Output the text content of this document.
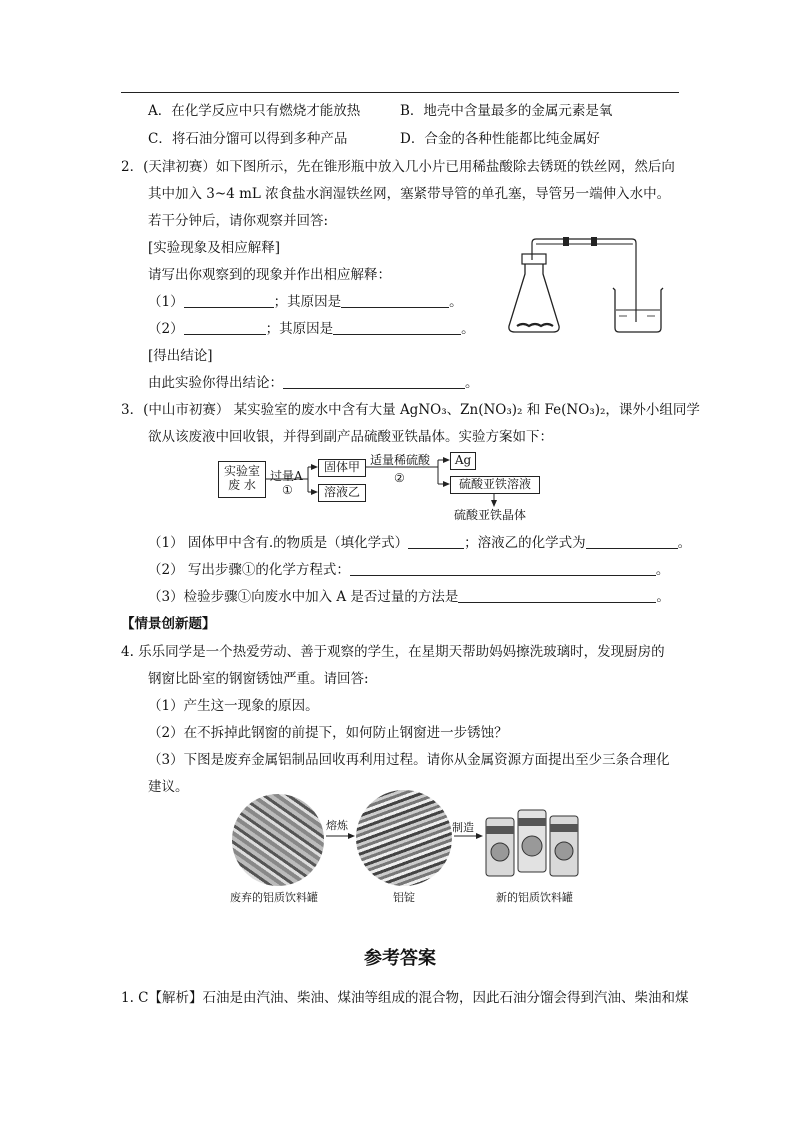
A．在化学反应中只有燃烧才能放热	B．地壳中含量最多的金属元素是氧
C．将石油分馏可以得到多种产品	D．合金的各种性能都比纯金属好
2．(天津初赛）如下图所示，先在锥形瓶中放入几小片已用稀盐酸除去锈斑的铁丝网，然后向
其中加入 3~4 mL 浓食盐水润湿铁丝网，塞紧带导管的单孔塞，导管另一端伸入水中。
若干分钟后，请你观察并回答:
[实验现象及相应解释]
请写出你观察到的现象并作出相应解释：
（1）	；其原因是	。
（2）	；其原因是	。
[得出结论]
由此实验你得出结论：	。
3．(中山市初赛） 某实验室的废水中含有大量 AgNO₃、Zn(NO₃)₂ 和 Fe(NO₃)₂，课外小组同学
欲从该废液中回收银，并得到副产品硫酸亚铁晶体。实验方案如下：
实验室
废 水
过量A
①
固体甲
溶液乙
适量稀硫酸
②
Ag
硫酸亚铁溶液
硫酸亚铁晶体
（1） 固体甲中含有.的物质是（填化学式）	；溶液乙的化学式为	。
（2） 写出步骤①的化学方程式：	。
（3）检验步骤①向废水中加入 A 是否过量的方法是	。
【情景创新题】
4. 乐乐同学是一个热爱劳动、善于观察的学生，在星期天帮助妈妈擦洗玻璃时，发现厨房的
钢窗比卧室的钢窗锈蚀严重。请回答:
（1）产生这一现象的原因。
（2）在不拆掉此钢窗的前提下，如何防止钢窗进一步锈蚀？
（3）下图是废弃金属铝制品回收再利用过程。请你从金属资源方面提出至少三条合理化
建议。
熔炼	制造
废弃的铝质饮料罐	铝锭	新的铝质饮料罐
参考答案
1. C【解析】石油是由汽油、柴油、煤油等组成的混合物，因此石油分馏会得到汽油、柴油和煤
